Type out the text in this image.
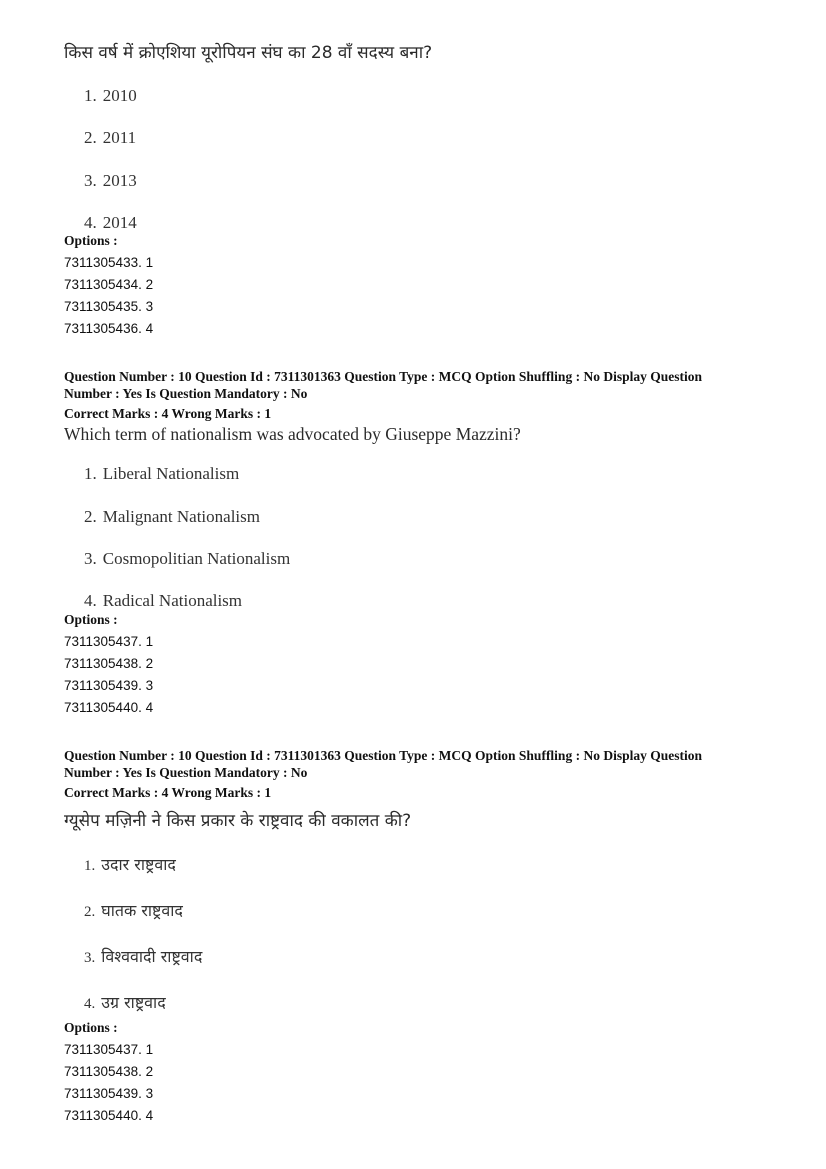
किस वर्ष में क्रोएशिया यूरोपियन संघ का 28 वाँ सदस्य बना?
1. 2010
2. 2011
3. 2013
4. 2014
Options :
7311305433. 1
7311305434. 2
7311305435. 3
7311305436. 4
Question Number : 10 Question Id : 7311301363 Question Type : MCQ Option Shuffling : No Display Question
Number : Yes Is Question Mandatory : No
Correct Marks : 4 Wrong Marks : 1
Which term of nationalism was advocated by Giuseppe Mazzini?
1. Liberal Nationalism
2. Malignant Nationalism
3. Cosmopolitian Nationalism
4. Radical Nationalism
Options :
7311305437. 1
7311305438. 2
7311305439. 3
7311305440. 4
Question Number : 10 Question Id : 7311301363 Question Type : MCQ Option Shuffling : No Display Question
Number : Yes Is Question Mandatory : No
Correct Marks : 4 Wrong Marks : 1
ग्यूसेप मज़िनी ने किस प्रकार के राष्ट्रवाद की वकालत की?
1. उदार राष्ट्रवाद
2. घातक राष्ट्रवाद
3. विश्ववादी राष्ट्रवाद
4. उग्र राष्ट्रवाद
Options :
7311305437. 1
7311305438. 2
7311305439. 3
7311305440. 4
